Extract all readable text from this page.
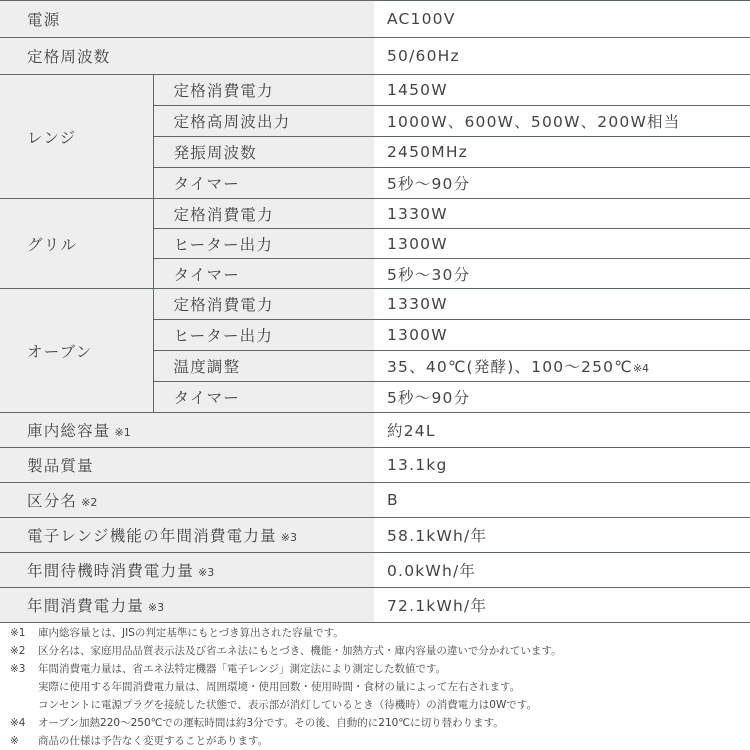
電源		AC100V
定格周波数		50/60Hz
レンジ	定格消費電力	1450W
	定格高周波出力	1000W、600W、500W、200W相当
	発振周波数	2450MHz
	タイマー	5秒〜90分
グリル	定格消費電力	1330W
	ヒーター出力	1300W
	タイマー	5秒〜30分
オーブン	定格消費電力	1330W
	ヒーター出力	1300W
	温度調整	35、40℃(発酵)、100〜250℃※4
	タイマー	5秒〜90分
庫内総容量 ※1		約24L
製品質量		13.1kg
区分名 ※2		B
電子レンジ機能の年間消費電力量 ※3		58.1kWh/年
年間待機時消費電力量 ※3		0.0kWh/年
年間消費電力量 ※3		72.1kWh/年
※1 庫内総容量とは、JISの判定基準にもとづき算出された容量です。
※2 区分名は、家庭用品品質表示法及び省エネ法にもとづき、機能・加熱方式・庫内容量の違いで分かれています。
※3 年間消費電力量は、省エネ法特定機器「電子レンジ」測定法により測定した数値です。
実際に使用する年間消費電力量は、周囲環境・使用回数・使用時間・食材の量によって左右されます。
コンセントに電源プラグを接続した状態で、表示部が消灯しているとき（待機時）の消費電力は0Wです。
※4 オーブン加熱220〜250℃での運転時間は約3分です。その後、自動的に210℃に切り替わります。
※ 商品の仕様は予告なく変更することがあります。
